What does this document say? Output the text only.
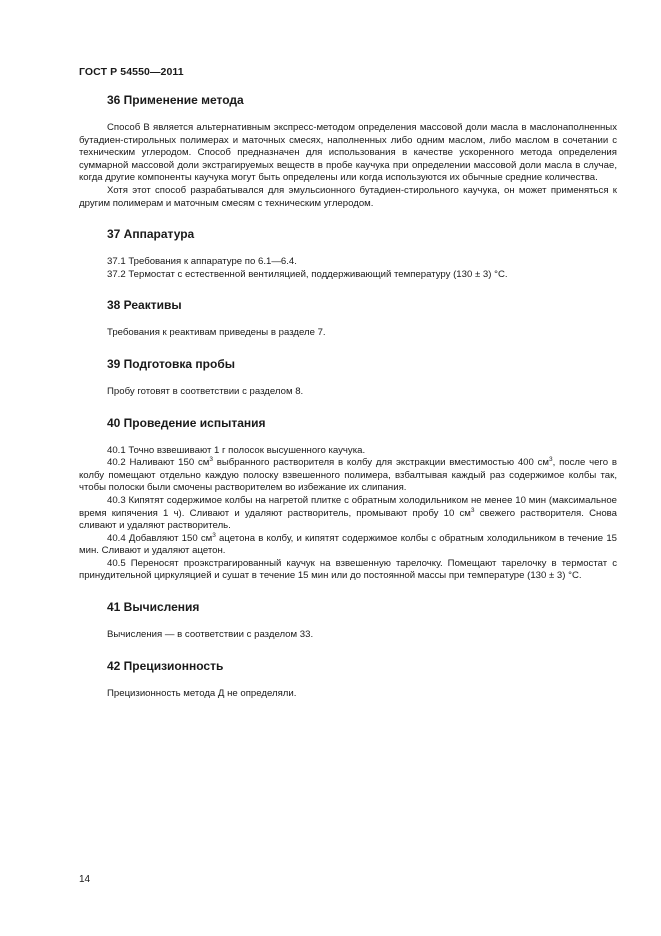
ГОСТ Р 54550—2011
36 Применение метода

Способ В является альтернативным экспресс-методом определения массовой доли масла в маслонаполненных бутадиен-стирольных полимерах и маточных смесях, наполненных либо одним маслом, либо маслом в сочетании с техническим углеродом. Способ предназначен для использования в качестве ускоренного метода определения суммарной массовой доли экстрагируемых веществ в пробе каучука при определении массовой доли масла в случае, когда другие компоненты каучука могут быть определены или когда используются их обычные средние количества.

Хотя этот способ разрабатывался для эмульсионного бутадиен-стирольного каучука, он может применяться к другим полимерам и маточным смесям с техническим углеродом.

37 Аппаратура

37.1 Требования к аппаратуре по 6.1—6.4.

37.2 Термостат с естественной вентиляцией, поддерживающий температуру (130 ± 3) °C.

38 Реактивы

Требования к реактивам приведены в разделе 7.

39 Подготовка пробы

Пробу готовят в соответствии с разделом 8.

40 Проведение испытания

40.1 Точно взвешивают 1 г полосок высушенного каучука.

40.2 Наливают 150 $см^3$ выбранного растворителя в колбу для экстракции вместимостью 400 $см^3$, после чего в колбу помещают отдельно каждую полоску взвешенного полимера, взбалтывая каждый раз содержимое колбы так, чтобы полоски были смочены растворителем во избежание их слипания.

40.3 Кипятят содержимое колбы на нагретой плитке с обратным холодильником не менее 10 мин (максимальное время кипячения 1 ч). Сливают и удаляют растворитель, промывают пробу 10 $см^3$ свежего растворителя. Снова сливают и удаляют растворитель.

40.4 Добавляют 150 $см^3$ ацетона в колбу, и кипятят содержимое колбы с обратным холодильником в течение 15 мин. Сливают и удаляют ацетон.

40.5 Переносят проэкстрагированный каучук на взвешенную тарелочку. Помещают тарелочку в термостат с принудительной циркуляцией и сушат в течение 15 мин или до постоянной массы при температуре (130 ± 3) °C.

41 Вычисления

Вычисления — в соответствии с разделом 33.

42 Прецизионность

Прецизионность метода Д не определяли.

14
